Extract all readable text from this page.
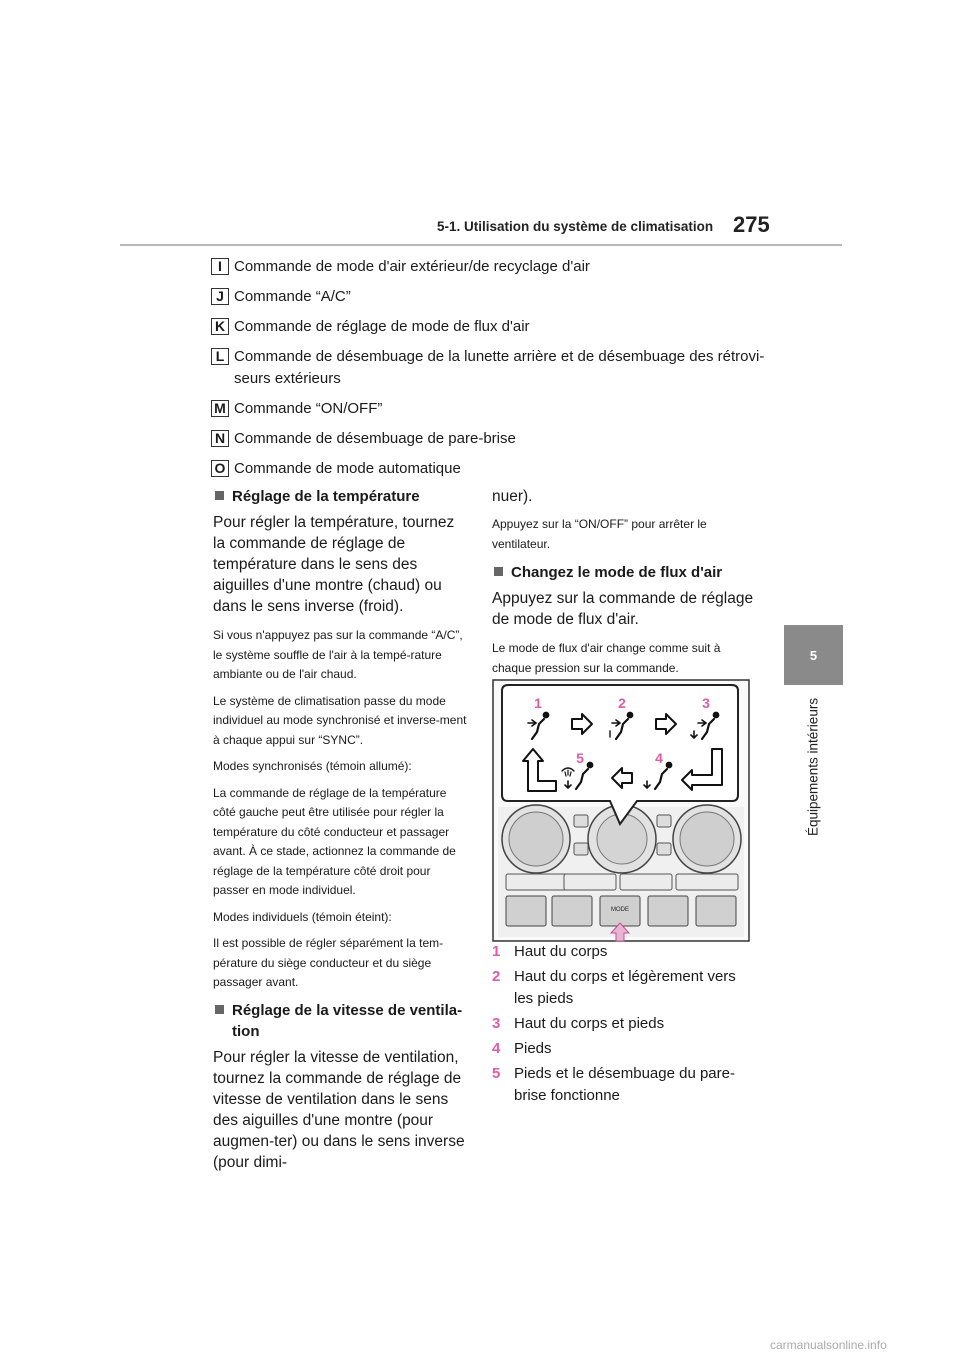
5-1. Utilisation du système de climatisation 275
5
Équipements intérieurs
I Commande de mode d'air extérieur/de recyclage d'air
J Commande “A/C”
K Commande de réglage de mode de flux d'air
L Commande de désembuage de la lunette arrière et de désembuage des rétrovi-seurs extérieurs
M Commande “ON/OFF”
N Commande de désembuage de pare-brise
O Commande de mode automatique
Réglage de la température

Pour régler la température, tournez la commande de réglage de température dans le sens des aiguilles d'une montre (chaud) ou dans le sens inverse (froid).

Si vous n'appuyez pas sur la commande “A/C”, le système souffle de l'air à la tempé-rature ambiante ou de l'air chaud.

Le système de climatisation passe du mode individuel au mode synchronisé et inverse-ment à chaque appui sur “SYNC”.

Modes synchronisés (témoin allumé):

La commande de réglage de la température côté gauche peut être utilisée pour régler la température du côté conducteur et passager avant. À ce stade, actionnez la commande de réglage de la température côté droit pour passer en mode individuel.

Modes individuels (témoin éteint):

Il est possible de régler séparément la tem-pérature du siège conducteur et du siège passager avant.

Réglage de la vitesse de ventila-tion

Pour régler la vitesse de ventilation, tournez la commande de réglage de vitesse de ventilation dans le sens des aiguilles d'une montre (pour augmen-ter) ou dans le sens inverse (pour dimi-

nuer).

Appuyez sur la “ON/OFF” pour arrêter le ventilateur.

Changez le mode de flux d'air

Appuyez sur la commande de réglage de mode de flux d'air.

Le mode de flux d'air change comme suit à chaque pression sur la commande.

MODE
1	2	3
5	4
1 Haut du corps
2 Haut du corps et légèrement vers les pieds
3 Haut du corps et pieds
4 Pieds
5 Pieds et le désembuage du pare-brise fonctionne
carmanualsonline.info
